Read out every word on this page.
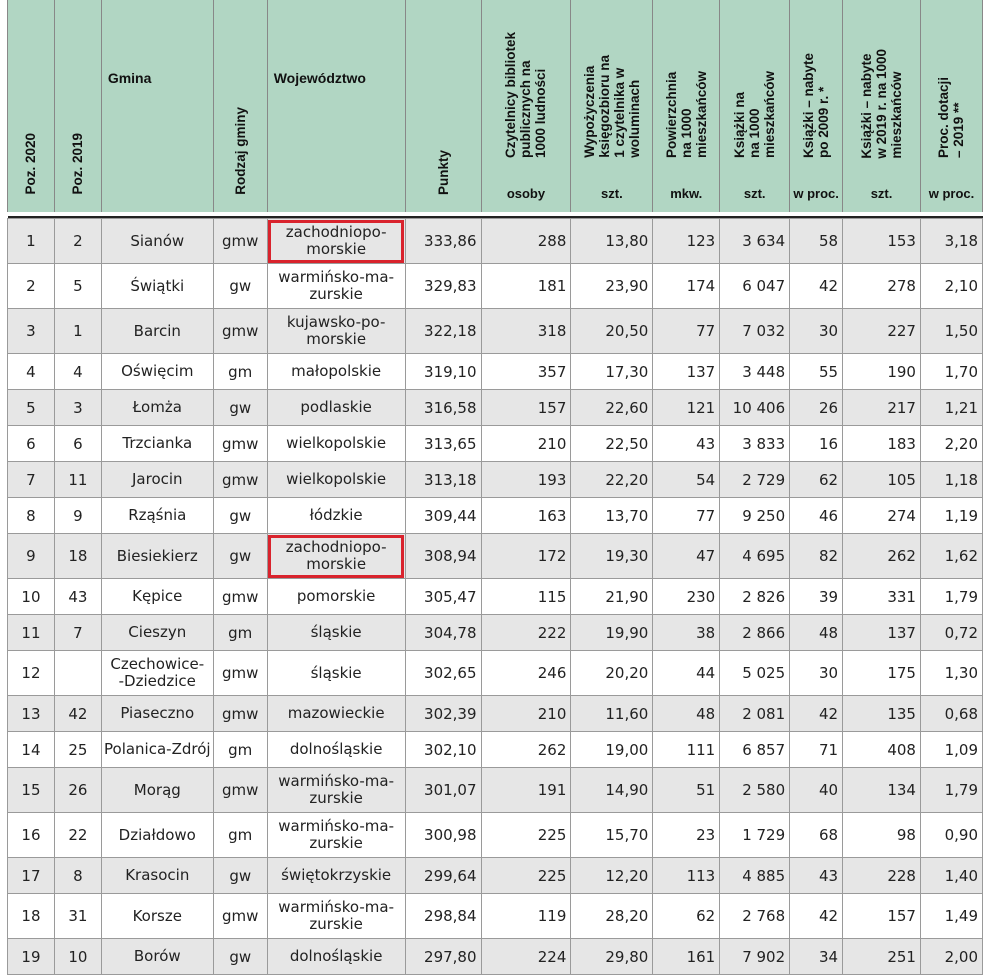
Poz. 2020	Poz. 2019	Gmina	Rodzaj gminy	Województwo	Punkty	Czytelnicy bibliotek
publicznych na
1000 ludności	Wypożyczenia
księgozbioru na
1 czytelnika w
woluminach	Powierzchnia
na 1000
mieszkańców	Książki na
na 1000
mieszkańców	Książki – nabyte
po 2009 r. *	Książki – nabyte
w 2019 r. na 1000
mieszkańców	Proc. dotacji
– 2019 **
						osoby	szt.	mkw.	szt.	w proc.	szt.	w proc.

1	2	Sianów	gmw	zachodniopo-
morskie	333,86	288	13,80	123	3 634	58	153	3,18
2	5	Świątki	gw	warmińsko-ma-
zurskie	329,83	181	23,90	174	6 047	42	278	2,10
3	1	Barcin	gmw	kujawsko-po-
morskie	322,18	318	20,50	77	7 032	30	227	1,50
4	4	Oświęcim	gm	małopolskie	319,10	357	17,30	137	3 448	55	190	1,70
5	3	Łomża	gw	podlaskie	316,58	157	22,60	121	10 406	26	217	1,21
6	6	Trzcianka	gmw	wielkopolskie	313,65	210	22,50	43	3 833	16	183	2,20
7	11	Jarocin	gmw	wielkopolskie	313,18	193	22,20	54	2 729	62	105	1,18
8	9	Rząśnia	gw	łódzkie	309,44	163	13,70	77	9 250	46	274	1,19
9	18	Biesiekierz	gw	zachodniopo-
morskie	308,94	172	19,30	47	4 695	82	262	1,62
10	43	Kępice	gmw	pomorskie	305,47	115	21,90	230	2 826	39	331	1,79
11	7	Cieszyn	gm	śląskie	304,78	222	19,90	38	2 866	48	137	0,72
12		Czechowice-
-Dziedzice	gmw	śląskie	302,65	246	20,20	44	5 025	30	175	1,30
13	42	Piaseczno	gmw	mazowieckie	302,39	210	11,60	48	2 081	42	135	0,68
14	25	Polanica-Zdrój	gm	dolnośląskie	302,10	262	19,00	111	6 857	71	408	1,09
15	26	Morąg	gmw	warmińsko-ma-
zurskie	301,07	191	14,90	51	2 580	40	134	1,79
16	22	Działdowo	gm	warmińsko-ma-
zurskie	300,98	225	15,70	23	1 729	68	98	0,90
17	8	Krasocin	gw	świętokrzyskie	299,64	225	12,20	113	4 885	43	228	1,40
18	31	Korsze	gmw	warmińsko-ma-
zurskie	298,84	119	28,20	62	2 768	42	157	1,49
19	10	Borów	gw	dolnośląskie	297,80	224	29,80	161	7 902	34	251	2,00
